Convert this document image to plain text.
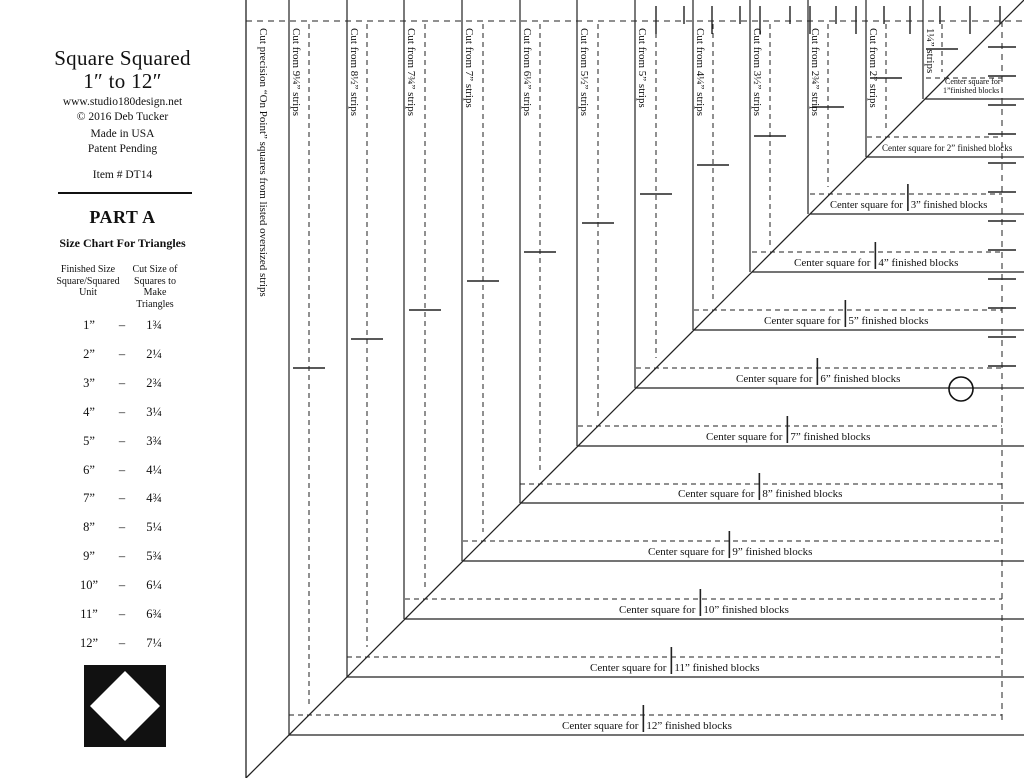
Square Squared
1″ to 12″
www.studio180design.net
© 2016 Deb Tucker
Made in USA
Patent Pending
Item # DT14
PART A
Size Chart For Triangles
Finished Size
Square/Squared
Unit
Cut Size of
Squares to
Make
Triangles
1”	–	1¾
2”	–	2¼
3”	–	2¾
4”	–	3¼
5”	–	3¾
6”	–	4¼
7”	–	4¾
8”	–	5¼
9”	–	5¾
10”	–	6¼
11”	–	6¾
12”	–	7¼
Cut precision “On Point” squares from listed oversized strips Cut from 9¼” strips	Cut from 8½” strips	Cut from 7¾” strips	Cut from 7” strips	Cut from 6¼” strips	Cut from 5½” strips	Cut from 5” strips	Cut from 4¼” strips	Cut from 3½” strips	Cut from 2¾” strips	Cut from 2” strips	1¼” strips
Center square for
1”finished blocks
Center square for 2” finished blocks
Center square for 3” finished blocks
Center square for 4” finished blocks
Center square for 5” finished blocks
Center square for 6” finished blocks
Center square for 7” finished blocks
Center square for 8” finished blocks
Center square for 9” finished blocks
Center square for 10” finished blocks
Center square for 11” finished blocks
Center square for 12” finished blocks
